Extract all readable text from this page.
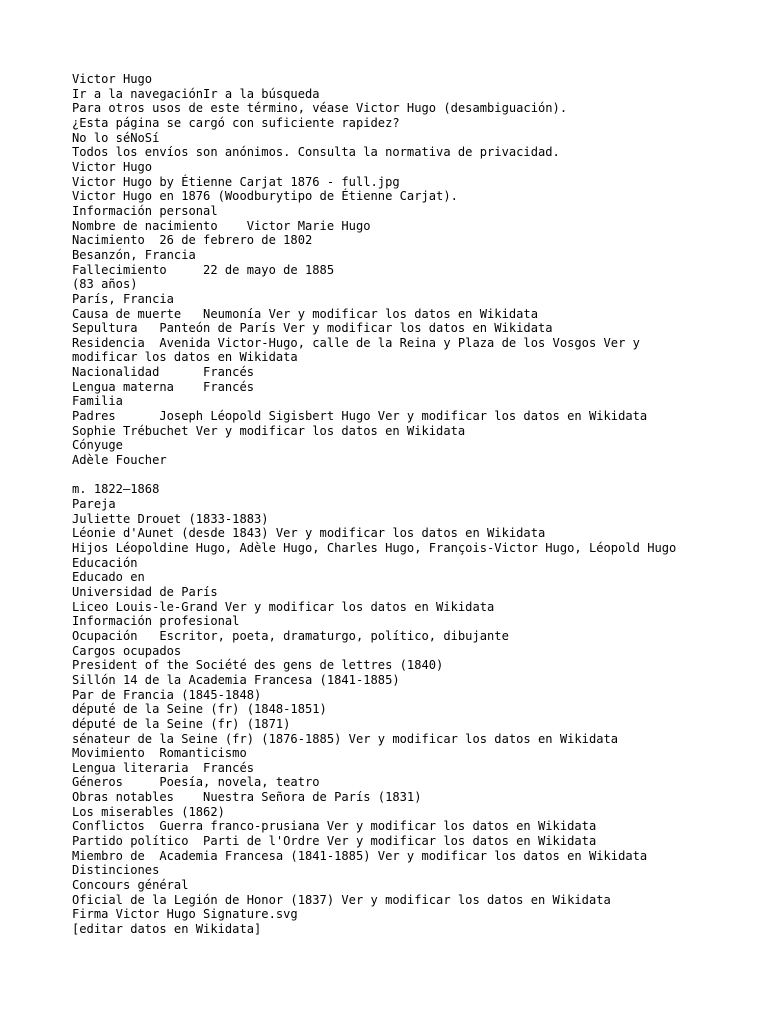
Victor Hugo
Ir a la navegaciónIr a la búsqueda
Para otros usos de este término, véase Victor Hugo (desambiguación).
¿Esta página se cargó con suficiente rapidez?
No lo séNoSí
Todos los envíos son anónimos. Consulta la normativa de privacidad.
Victor Hugo
Victor Hugo by Étienne Carjat 1876 - full.jpg
Victor Hugo en 1876 (Woodburytipo de Étienne Carjat).
Información personal
Nombre de nacimiento    Victor Marie Hugo
Nacimiento  26 de febrero de 1802
Besanzón, Francia
Fallecimiento     22 de mayo de 1885
(83 años)
París, Francia
Causa de muerte   Neumonía Ver y modificar los datos en Wikidata
Sepultura   Panteón de París Ver y modificar los datos en Wikidata
Residencia  Avenida Victor-Hugo, calle de la Reina y Plaza de los Vosgos Ver y
modificar los datos en Wikidata
Nacionalidad      Francés
Lengua materna    Francés
Familia
Padres      Joseph Léopold Sigisbert Hugo Ver y modificar los datos en Wikidata
Sophie Trébuchet Ver y modificar los datos en Wikidata
Cónyuge
Adèle Foucher
m. 1822–1868
Pareja
Juliette Drouet (1833-1883)
Léonie d'Aunet (desde 1843) Ver y modificar los datos en Wikidata
Hijos Léopoldine Hugo, Adèle Hugo, Charles Hugo, François-Victor Hugo, Léopold Hugo
Educación
Educado en
Universidad de París
Liceo Louis-le-Grand Ver y modificar los datos en Wikidata
Información profesional
Ocupación   Escritor, poeta, dramaturgo, político, dibujante
Cargos ocupados
President of the Société des gens de lettres (1840)
Sillón 14 de la Academia Francesa (1841-1885)
Par de Francia (1845-1848)
député de la Seine (fr) (1848-1851)
député de la Seine (fr) (1871)
sénateur de la Seine (fr) (1876-1885) Ver y modificar los datos en Wikidata
Movimiento  Romanticismo
Lengua literaria  Francés
Géneros     Poesía, novela, teatro
Obras notables    Nuestra Señora de París (1831)
Los miserables (1862)
Conflictos  Guerra franco-prusiana Ver y modificar los datos en Wikidata
Partido político  Parti de l'Ordre Ver y modificar los datos en Wikidata
Miembro de  Academia Francesa (1841-1885) Ver y modificar los datos en Wikidata
Distinciones
Concours général
Oficial de la Legión de Honor (1837) Ver y modificar los datos en Wikidata
Firma Victor Hugo Signature.svg
[editar datos en Wikidata]
